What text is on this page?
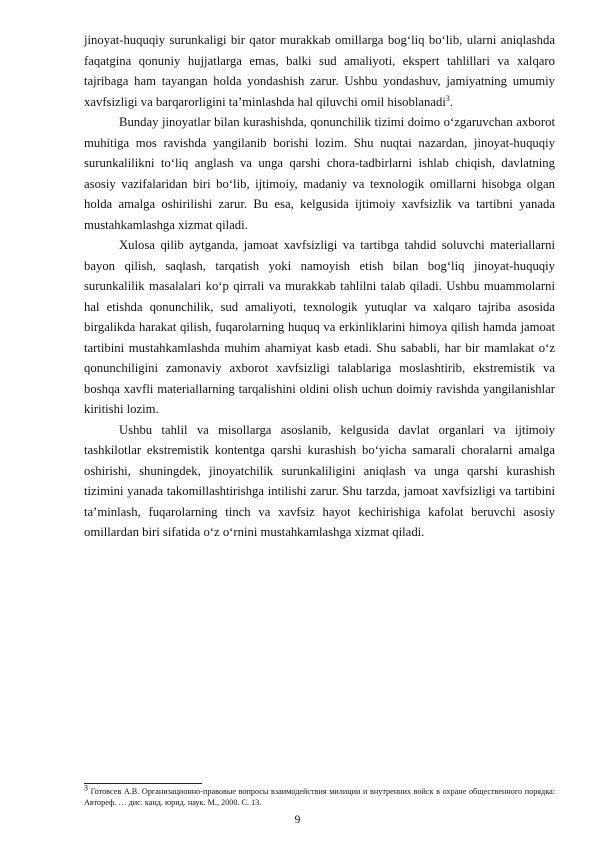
jinoyat-huquqiy surunkaligi bir qator murakkab omillarga bog‘liq bo‘lib, ularni aniqlashda faqatgina qonuniy hujjatlarga emas, balki sud amaliyoti, ekspert tahlillari va xalqaro tajribaga ham tayangan holda yondashish zarur. Ushbu yondashuv, jamiyatning umumiy xavfsizligi va barqarorligini ta’minlashda hal qiluvchi omil hisoblanadi$^3$.

Bunday jinoyatlar bilan kurashishda, qonunchilik tizimi doimo o‘zgaruvchan axborot muhitiga mos ravishda yangilanib borishi lozim. Shu nuqtai nazardan, jinoyat-huquqiy surunkalilikni to‘liq anglash va unga qarshi chora-tadbirlarni ishlab chiqish, davlatning asosiy vazifalaridan biri bo‘lib, ijtimoiy, madaniy va texnologik omillarni hisobga olgan holda amalga oshirilishi zarur. Bu esa, kelgusida ijtimoiy xavfsizlik va tartibni yanada mustahkamlashga xizmat qiladi.

Xulosa qilib aytganda, jamoat xavfsizligi va tartibga tahdid soluvchi materiallarni bayon qilish, saqlash, tarqatish yoki namoyish etish bilan bog‘liq jinoyat-huquqiy surunkalilik masalalari ko‘p qirrali va murakkab tahlilni talab qiladi. Ushbu muammolarni hal etishda qonunchilik, sud amaliyoti, texnologik yutuqlar va xalqaro tajriba asosida birgalikda harakat qilish, fuqarolarning huquq va erkinliklarini himoya qilish hamda jamoat tartibini mustahkamlashda muhim ahamiyat kasb etadi. Shu sababli, har bir mamlakat o‘z qonunchiligini zamonaviy axborot xavfsizligi talablariga moslashtirib, ekstremistik va boshqa xavfli materiallarning tarqalishini oldini olish uchun doimiy ravishda yangilanishlar kiritishi lozim.

Ushbu tahlil va misollarga asoslanib, kelgusida davlat organlari va ijtimoiy tashkilotlar ekstremistik kontentga qarshi kurashish bo‘yicha samarali choralarni amalga oshirishi, shuningdek, jinoyatchilik surunkaliligini aniqlash va unga qarshi kurashish tizimini yanada takomillashtirishga intilishi zarur. Shu tarzda, jamoat xavfsizligi va tartibini ta’minlash, fuqarolarning tinch va xavfsiz hayot kechirishiga kafolat beruvchi asosiy omillardan biri sifatida o‘z o‘rnini mustahkamlashga xizmat qiladi.

$^3$ Готовсев А.В. Организационно-правовые вопросы взаимодействия милиции и внутренних войск в охране общественного порядка: Автореф. … дис. канд. юрид. наук. М., 2000. С. 13.
9
